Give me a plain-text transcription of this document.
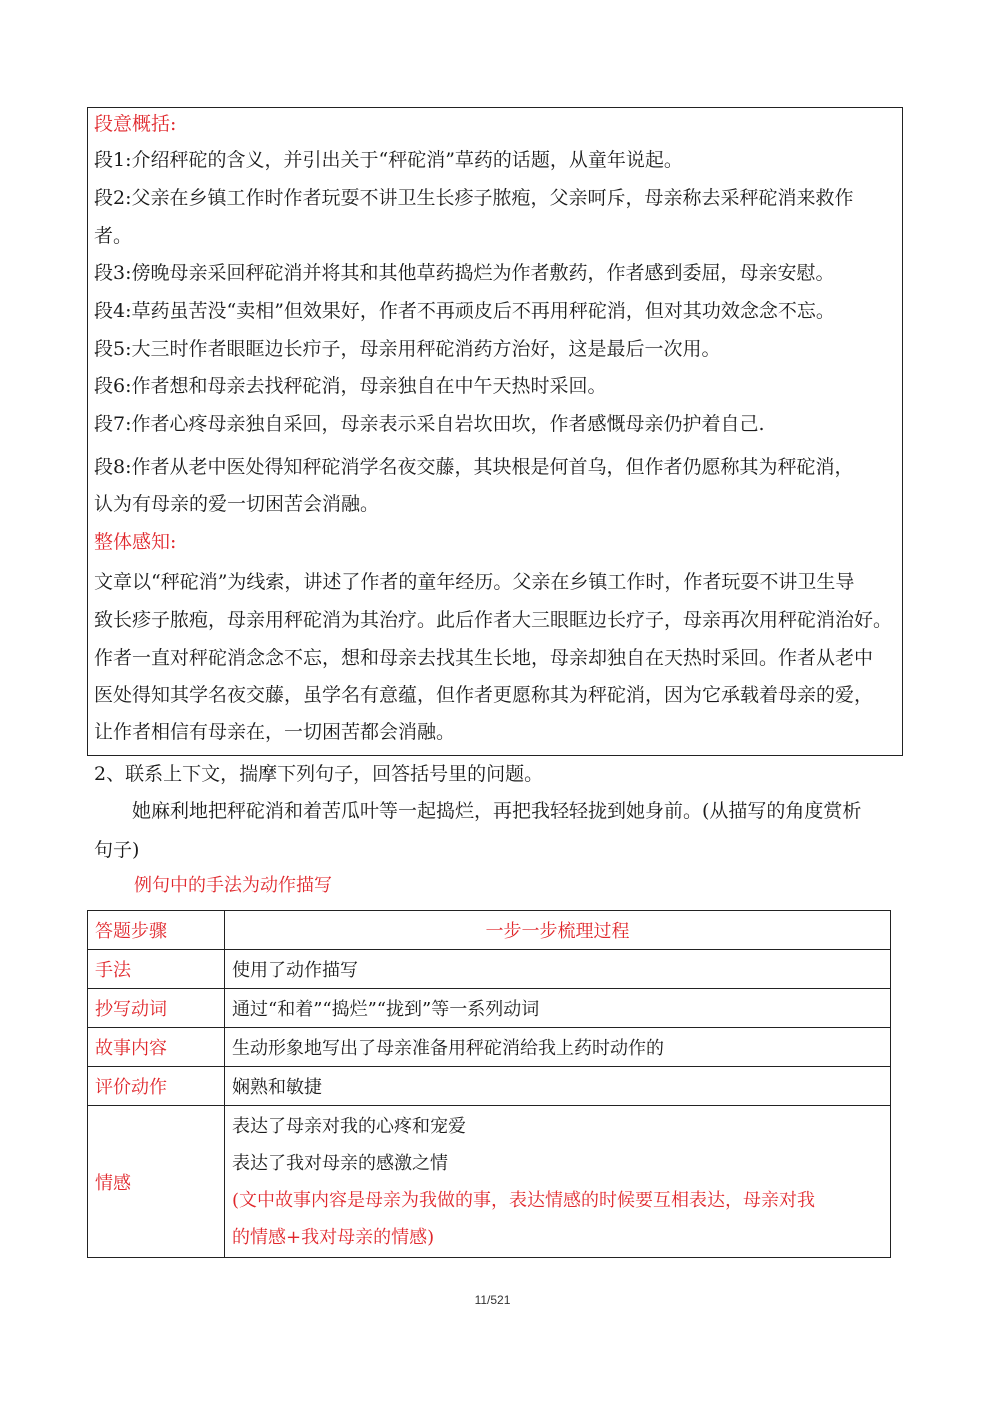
段意概括:
段1:介绍秤砣的含义，并引出关于“秤砣消”草药的话题，从童年说起。
段2:父亲在乡镇工作时作者玩耍不讲卫生长疹子脓疱，父亲呵斥，母亲称去采秤砣消来救作
者。
段3:傍晚母亲采回秤砣消并将其和其他草药捣烂为作者敷药，作者感到委屈，母亲安慰。
段4:草药虽苦没“卖相”但效果好，作者不再顽皮后不再用秤砣消，但对其功效念念不忘。
段5:大三时作者眼眶边长疖子，母亲用秤砣消药方治好，这是最后一次用。
段6:作者想和母亲去找秤砣消，母亲独自在中午天热时采回。
段7:作者心疼母亲独自采回，母亲表示采自岩坎田坎，作者感慨母亲仍护着自己.
段8:作者从老中医处得知秤砣消学名夜交藤，其块根是何首乌，但作者仍愿称其为秤砣消，
认为有母亲的爱一切困苦会消融。
整体感知:
文章以“秤砣消”为线索，讲述了作者的童年经历。父亲在乡镇工作时，作者玩耍不讲卫生导
致长疹子脓疱，母亲用秤砣消为其治疗。此后作者大三眼眶边长疗子，母亲再次用秤砣消治好。
作者一直对秤砣消念念不忘，想和母亲去找其生长地，母亲却独自在天热时采回。作者从老中
医处得知其学名夜交藤，虽学名有意蕴，但作者更愿称其为秤砣消，因为它承载着母亲的爱，
让作者相信有母亲在，一切困苦都会消融。
2、联系上下文，揣摩下列句子，回答括号里的问题。
她麻利地把秤砣消和着苦瓜叶等一起捣烂，再把我轻轻拢到她身前。(从描写的角度赏析
句子)
例句中的手法为动作描写
答题步骤	一步一步梳理过程
手法	使用了动作描写
抄写动词	通过“和着”“捣烂”“拢到”等一系列动词
故事内容	生动形象地写出了母亲准备用秤砣消给我上药时动作的
评价动作	娴熟和敏捷
情感	表达了母亲对我的心疼和宠爱
表达了我对母亲的感激之情
(文中故事内容是母亲为我做的事，表达情感的时候要互相表达，母亲对我
的情感+我对母亲的情感)
11/521
